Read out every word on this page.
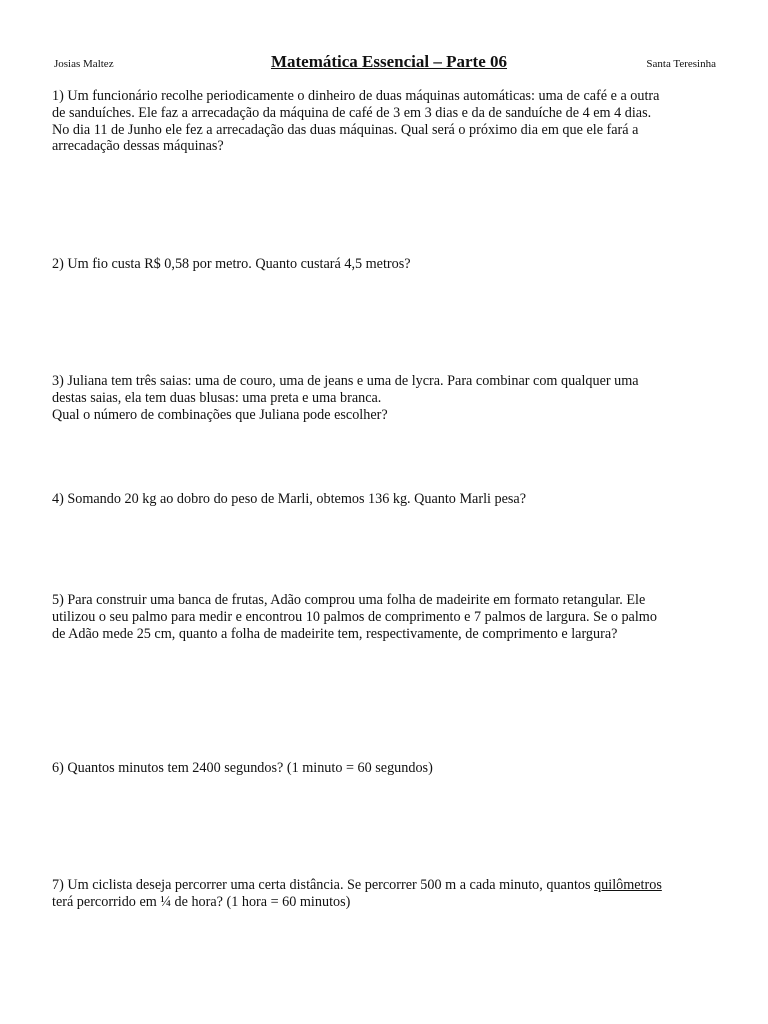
Josias Maltez	Matemática Essencial – Parte 06	Santa Teresinha
1) Um funcionário recolhe periodicamente o dinheiro de duas máquinas automáticas: uma de café e a outra
de sanduíches. Ele faz a arrecadação da máquina de café de 3 em 3 dias e da de sanduíche de 4 em 4 dias.
No dia 11 de Junho ele fez a arrecadação das duas máquinas. Qual será o próximo dia em que ele fará a
arrecadação dessas máquinas?
2) Um fio custa R$ 0,58 por metro. Quanto custará 4,5 metros?
3) Juliana tem três saias: uma de couro, uma de jeans e uma de lycra. Para combinar com qualquer uma
destas saias, ela tem duas blusas: uma preta e uma branca.
Qual o número de combinações que Juliana pode escolher?
4) Somando 20 kg ao dobro do peso de Marli, obtemos 136 kg. Quanto Marli pesa?
5) Para construir uma banca de frutas, Adão comprou uma folha de madeirite em formato retangular. Ele
utilizou o seu palmo para medir e encontrou 10 palmos de comprimento e 7 palmos de largura. Se o palmo
de Adão mede 25 cm, quanto a folha de madeirite tem, respectivamente, de comprimento e largura?
6) Quantos minutos tem 2400 segundos? (1 minuto = 60 segundos)
7) Um ciclista deseja percorrer uma certa distância. Se percorrer 500 m a cada minuto, quantos quilômetros
terá percorrido em ¼ de hora? (1 hora = 60 minutos)
